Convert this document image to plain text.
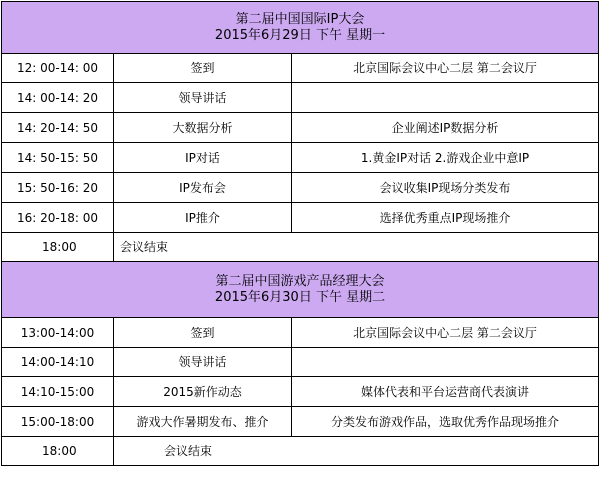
第二届中国国际IP大会
2015年6月29日 下午 星期一		

12: 00-14: 00	签到	北京国际会议中心二层 第二会议厅
14: 00-14: 20	领导讲话	
14: 20-14: 50	大数据分析	企业阐述IP数据分析
14: 50-15: 50	IP对话	1.黄金IP对话 2.游戏企业中意IP
15: 50-16: 20	IP发布会	会议收集IP现场分类发布
16: 20-18: 00	IP推介	选择优秀重点IP现场推介
18:00	会议结束	

第二届中国游戏产品经理大会
2015年6月30日 下午 星期二		

13:00-14:00	签到	北京国际会议中心二层 第二会议厅
14:00-14:10	领导讲话	
14:10-15:00	2015新作动态	媒体代表和平台运营商代表演讲
15:00-18:00	游戏大作暑期发布、推介	分类发布游戏作品，选取优秀作品现场推介
18:00	会议结束	
